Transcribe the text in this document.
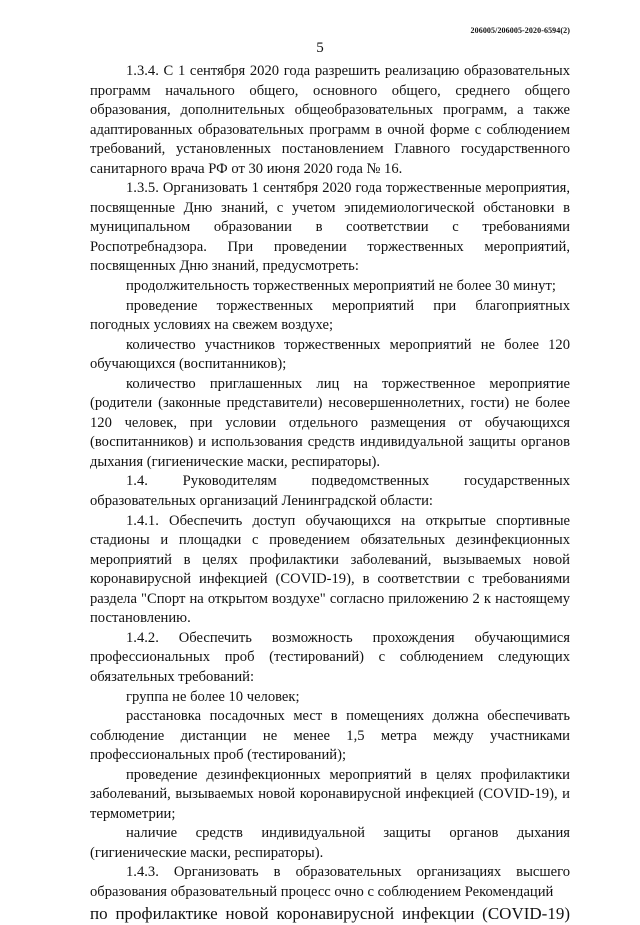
206005/206005-2020-6594(2)
5

1.3.4. С 1 сентября 2020 года разрешить реализацию образовательных программ начального общего, основного общего, среднего общего образования, дополнительных общеобразовательных программ, а также адаптированных образовательных программ в очной форме с соблюдением требований, установленных постановлением Главного государственного санитарного врача РФ от 30 июня 2020 года № 16.

1.3.5. Организовать 1 сентября 2020 года торжественные мероприятия, посвященные Дню знаний, с учетом эпидемиологической обстановки в муниципальном образовании в соответствии с требованиями Роспотребнадзора. При проведении торжественных мероприятий, посвященных Дню знаний, предусмотреть:

продолжительность торжественных мероприятий не более 30 минут;

проведение торжественных мероприятий при благоприятных погодных условиях на свежем воздухе;

количество участников торжественных мероприятий не более 120 обучающихся (воспитанников);

количество приглашенных лиц на торжественное мероприятие (родители (законные представители) несовершеннолетних, гости) не более 120 человек, при условии отдельного размещения от обучающихся (воспитанников) и использования средств индивидуальной защиты органов дыхания (гигиенические маски, респираторы).

1.4. Руководителям подведомственных государственных образовательных организаций Ленинградской области:

1.4.1. Обеспечить доступ обучающихся на открытые спортивные стадионы и площадки с проведением обязательных дезинфекционных мероприятий в целях профилактики заболеваний, вызываемых новой коронавирусной инфекцией (COVID-19), в соответствии с требованиями раздела "Спорт на открытом воздухе" согласно приложению 2 к настоящему постановлению.

1.4.2. Обеспечить возможность прохождения обучающимися профессиональных проб (тестирований) с соблюдением следующих обязательных требований:

группа не более 10 человек;

расстановка посадочных мест в помещениях должна обеспечивать соблюдение дистанции не менее 1,5 метра между участниками профессиональных проб (тестирований);

проведение дезинфекционных мероприятий в целях профилактики заболеваний, вызываемых новой коронавирусной инфекцией (COVID-19), и термометрии;

наличие средств индивидуальной защиты органов дыхания (гигиенические маски, респираторы).

1.4.3. Организовать в образовательных организациях высшего образования образовательный процесс очно с соблюдением Рекомендаций

по профилактике новой коронавирусной инфекции (COVID-19)
